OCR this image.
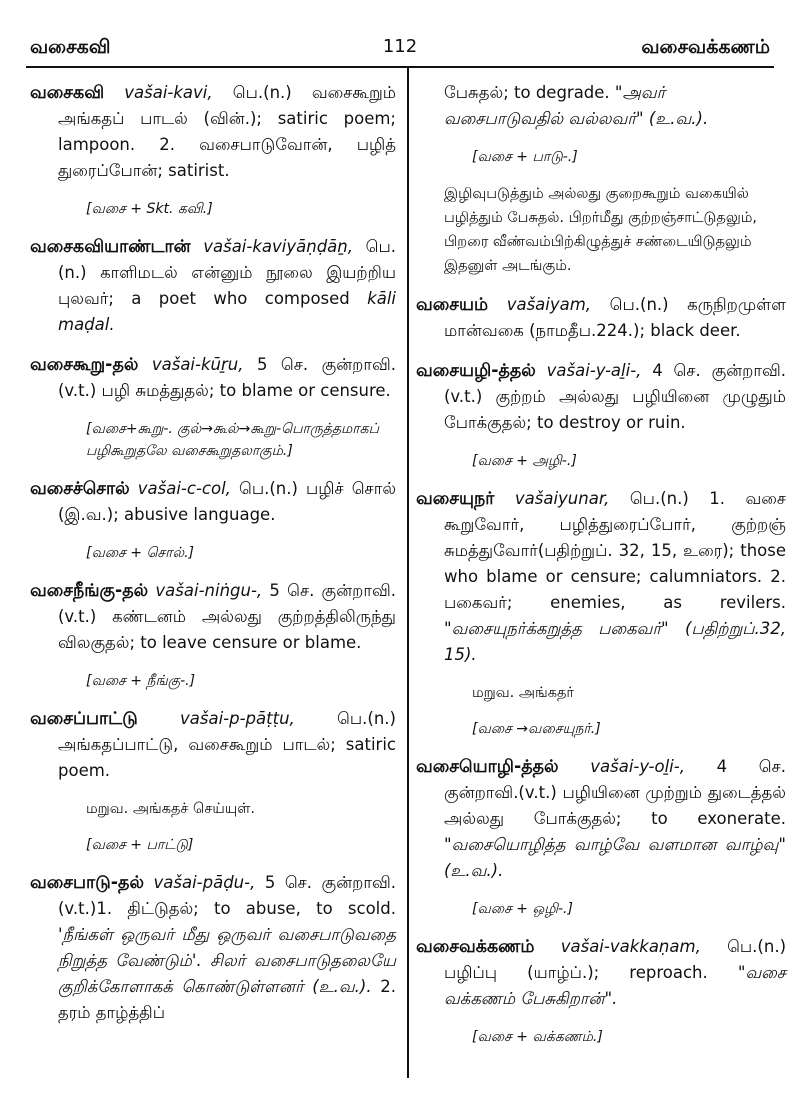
வசைகவி	112	வசைவக்கணம்

வசைகவி vašai-kavi, பெ.(n.) வசைகூறும் அங்கதப் பாடல் (வின்.); satiric poem; lampoon. 2. வசைபாடுவோன், பழித் துரைப்போன்; satirist.

[வசை + Skt. கவி.]

வசைகவியாண்டான் vašai-kaviyāṇḍāṉ, பெ.(n.) காளிமடல் என்னும் நூலை இயற்றிய புலவர்; a poet who composed kāli maḍal.

வசைகூறு-தல் vašai-kūṟu, 5 செ. குன்றாவி.(v.t.) பழி சுமத்துதல்; to blame or censure.

[வசை+கூறு-. குல்→கூல்→கூறு-பொருத்தமாகப் பழிகூறுதலே வசைகூறுதலாகும்.]

வசைச்சொல் vašai-c-col, பெ.(n.) பழிச் சொல் (இ.வ.); abusive language.

[வசை + சொல்.]

வசைநீங்கு-தல் vašai-niṅgu-, 5 செ. குன்றாவி. (v.t.) கண்டனம் அல்லது குற்றத்திலிருந்து விலகுதல்; to leave censure or blame.

[வசை + நீங்கு-.]

வசைப்பாட்டு	vašai-p-pāṭṭu,	பெ.(n.) அங்கதப்பாட்டு, வசைகூறும் பாடல்; satiric poem.

மறுவ. அங்கதச் செய்யுள்.
[வசை + பாட்டு]

வசைபாடு-தல் vašai-pāḍu-, 5 செ. குன்றாவி.(v.t.)1. திட்டுதல்; to abuse, to scold. 'நீங்கள் ஒருவர் மீது ஒருவர் வசைபாடுவதை நிறுத்த வேண்டும்'. சிலர் வசைபாடுதலையே குறிக்கோளாகக் கொண்டுள்ளனர் (உ.வ.). 2. தரம் தாழ்த்திப்

பேசுதல்; to degrade. "அவர் வசைபாடுவதில் வல்லவர்" (உ.வ.).

[வசை + பாடு-.]

இழிவுபடுத்தும் அல்லது குறைகூறும் வகையில் பழித்தும் பேசுதல். பிறர்மீது குற்றஞ்சாட்டுதலும், பிறரை வீண்வம்பிற்கிழுத்துச் சண்டையிடுதலும் இதனுள் அடங்கும்.

வசையம் vašaiyam, பெ.(n.) கருநிறமுள்ள மான்வகை (நாமதீப.224.); black deer.

வசையழி-த்தல் vašai-y-aḻi-, 4 செ. குன்றாவி.(v.t.) குற்றம் அல்லது பழியினை முழுதும் போக்குதல்; to destroy or ruin.

[வசை + அழி-.]

வசையுநர் vašaiyunar, பெ.(n.) 1. வசை கூறுவோர், பழித்துரைப்போர், குற்றஞ் சுமத்துவோர்(பதிற்றுப். 32, 15, உரை); those who blame or censure; calumniators. 2. பகைவர்; enemies, as revilers. "வசையுநர்க்கறுத்த பகைவர்" (பதிற்றுப்.32, 15).

மறுவ. அங்கதர்
[வசை →வசையுநர்.]

வசையொழி-த்தல் vašai-y-oḻi-, 4 செ. குன்றாவி.(v.t.) பழியினை முற்றும் துடைத்தல் அல்லது போக்குதல்; to exonerate. "வசையொழித்த வாழ்வே வளமான வாழ்வு" (உ.வ.).

[வசை + ஒழி-.]

வசைவக்கணம் vašai-vakkaṇam, பெ.(n.) பழிப்பு (யாழ்ப்.); reproach. "வசை வக்கணம் பேசுகிறான்".

[வசை + வக்கணம்.]
